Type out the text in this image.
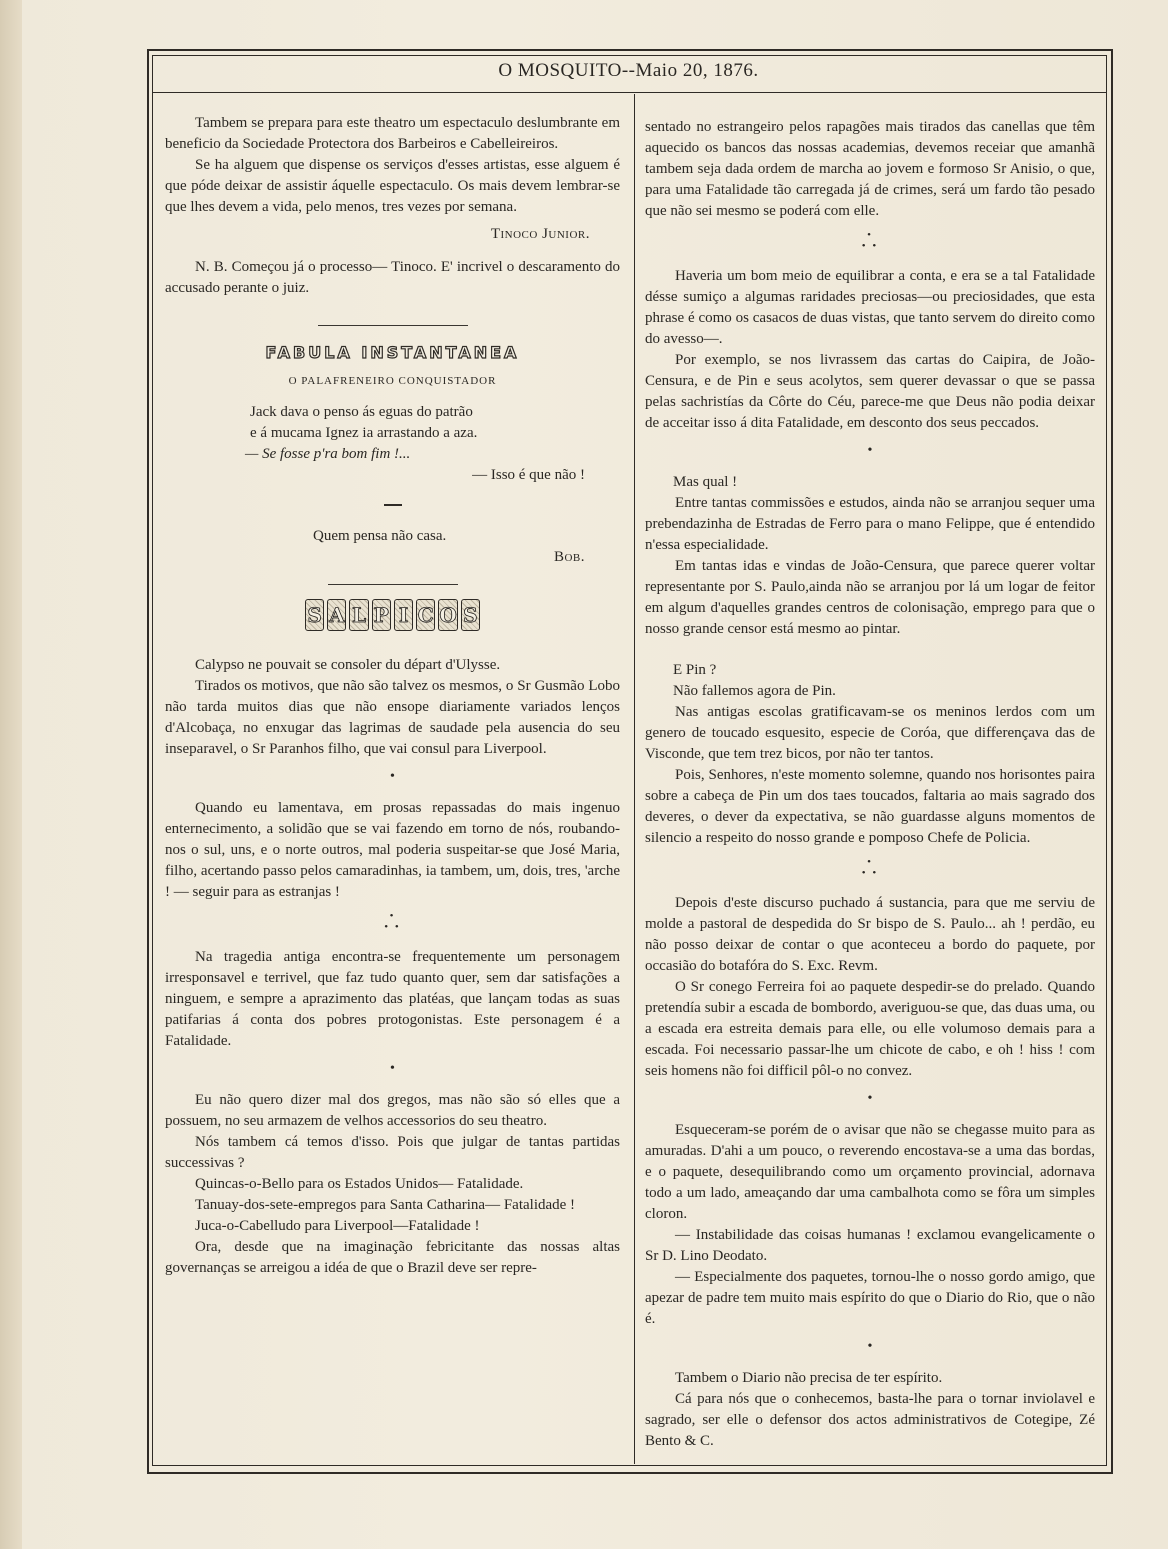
O MOSQUITO--Maio 20, 1876.

Tambem se prepara para este theatro um espectaculo deslumbrante em beneficio da Sociedade Protectora dos Barbeiros e Cabelleireiros.

Se ha alguem que dispense os serviços d'esses artistas, esse alguem é que póde deixar de assistir áquelle espectaculo. Os mais devem lembrar-se que lhes devem a vida, pelo menos, tres vezes por semana.

Tinoco Junior.

N. B. Começou já o processo— Tinoco. E' incrivel o descaramento do accusado perante o juiz.

FABULA INSTANTANEA
O PALAFRENEIRO CONQUISTADOR

Jack dava o penso ás eguas do patrão

e á mucama Ignez ia arrastando a aza.

— Se fosse p'ra bom fim !...

— Isso é que não !

Quem pensa não casa.

Bob.

S A L P I C O S

Calypso ne pouvait se consoler du départ d'Ulysse.

Tirados os motivos, que não são talvez os mesmos, o Sr Gusmão Lobo não tarda muitos dias que não ensope diariamente variados lenços d'Alcobaça, no enxugar das lagrimas de saudade pela ausencia do seu inseparavel, o Sr Paranhos filho, que vai consul para Liverpool.

•

Quando eu lamentava, em prosas repassadas do mais ingenuo enternecimento, a solidão que se vai fazendo em torno de nós, roubando-nos o sul, uns, e o norte outros, mal poderia suspeitar-se que José Maria, filho, acertando passo pelos camaradinhas, ia tambem, um, dois, tres, 'arche ! — seguir para as estranjas !

•
• •

Na tragedia antiga encontra-se frequentemente um personagem irresponsavel e terrivel, que faz tudo quanto quer, sem dar satisfações a ninguem, e sempre a aprazimento das platéas, que lançam todas as suas patifarias á conta dos pobres protogonistas. Este personagem é a Fatalidade.

•

Eu não quero dizer mal dos gregos, mas não são só elles que a possuem, no seu armazem de velhos accessorios do seu theatro.

Nós tambem cá temos d'isso. Pois que julgar de tantas partidas successivas ?

Quincas-o-Bello para os Estados Unidos— Fatalidade.

Tanuay-dos-sete-empregos para Santa Catharina— Fatalidade !

Juca-o-Cabelludo para Liverpool—Fatalidade !

Ora, desde que na imaginação febricitante das nossas altas governanças se arreigou a idéa de que o Brazil deve ser repre-

sentado no estrangeiro pelos rapagões mais tirados das canellas que têm aquecido os bancos das nossas academias, devemos receiar que amanhã tambem seja dada ordem de marcha ao jovem e formoso Sr Anisio, o que, para uma Fatalidade tão carregada já de crimes, será um fardo tão pesado que não sei mesmo se poderá com elle.

•
• •

Haveria um bom meio de equilibrar a conta, e era se a tal Fatalidade désse sumiço a algumas raridades preciosas—ou preciosidades, que esta phrase é como os casacos de duas vistas, que tanto servem do direito como do avesso—.

Por exemplo, se nos livrassem das cartas do Caipira, de João-Censura, e de Pin e seus acolytos, sem querer devassar o que se passa pelas sachristías da Côrte do Céu, parece-me que Deus não podia deixar de acceitar isso á dita Fatalidade, em desconto dos seus peccados.

•

Mas qual !

Entre tantas commissões e estudos, ainda não se arranjou sequer uma prebendazinha de Estradas de Ferro para o mano Felippe, que é entendido n'essa especialidade.

Em tantas idas e vindas de João-Censura, que parece querer voltar representante por S. Paulo,ainda não se arranjou por lá um logar de feitor em algum d'aquelles grandes centros de colonisação, emprego para que o nosso grande censor está mesmo ao pintar.

E Pin ?

Não fallemos agora de Pin.

Nas antigas escolas gratificavam-se os meninos lerdos com um genero de toucado esquesito, especie de Coróa, que differençava das de Visconde, que tem trez bicos, por não ter tantos.

Pois, Senhores, n'este momento solemne, quando nos horisontes paira sobre a cabeça de Pin um dos taes toucados, faltaria ao mais sagrado dos deveres, o dever da expectativa, se não guardasse alguns momentos de silencio a respeito do nosso grande e pomposo Chefe de Policia.

•
• •

Depois d'este discurso puchado á sustancia, para que me serviu de molde a pastoral de despedida do Sr bispo de S. Paulo... ah ! perdão, eu não posso deixar de contar o que aconteceu a bordo do paquete, por occasião do botafóra do S. Exc. Revm.

O Sr conego Ferreira foi ao paquete despedir-se do prelado. Quando pretendía subir a escada de bombordo, averiguou-se que, das duas uma, ou a escada era estreita demais para elle, ou elle volumoso demais para a escada. Foi necessario passar-lhe um chicote de cabo, e oh ! hiss ! com seis homens não foi difficil pôl-o no convez.

•

Esqueceram-se porém de o avisar que não se chegasse muito para as amuradas. D'ahi a um pouco, o reverendo encostava-se a uma das bordas, e o paquete, desequilibrando como um orçamento provincial, adornava todo a um lado, ameaçando dar uma cambalhota como se fôra um simples cloron.

— Instabilidade das coisas humanas ! exclamou evangelicamente o Sr D. Lino Deodato.

— Especialmente dos paquetes, tornou-lhe o nosso gordo amigo, que apezar de padre tem muito mais espírito do que o Diario do Rio, que o não é.

•

Tambem o Diario não precisa de ter espírito.

Cá para nós que o conhecemos, basta-lhe para o tornar inviolavel e sagrado, ser elle o defensor dos actos administrativos de Cotegipe, Zé Bento & C.
